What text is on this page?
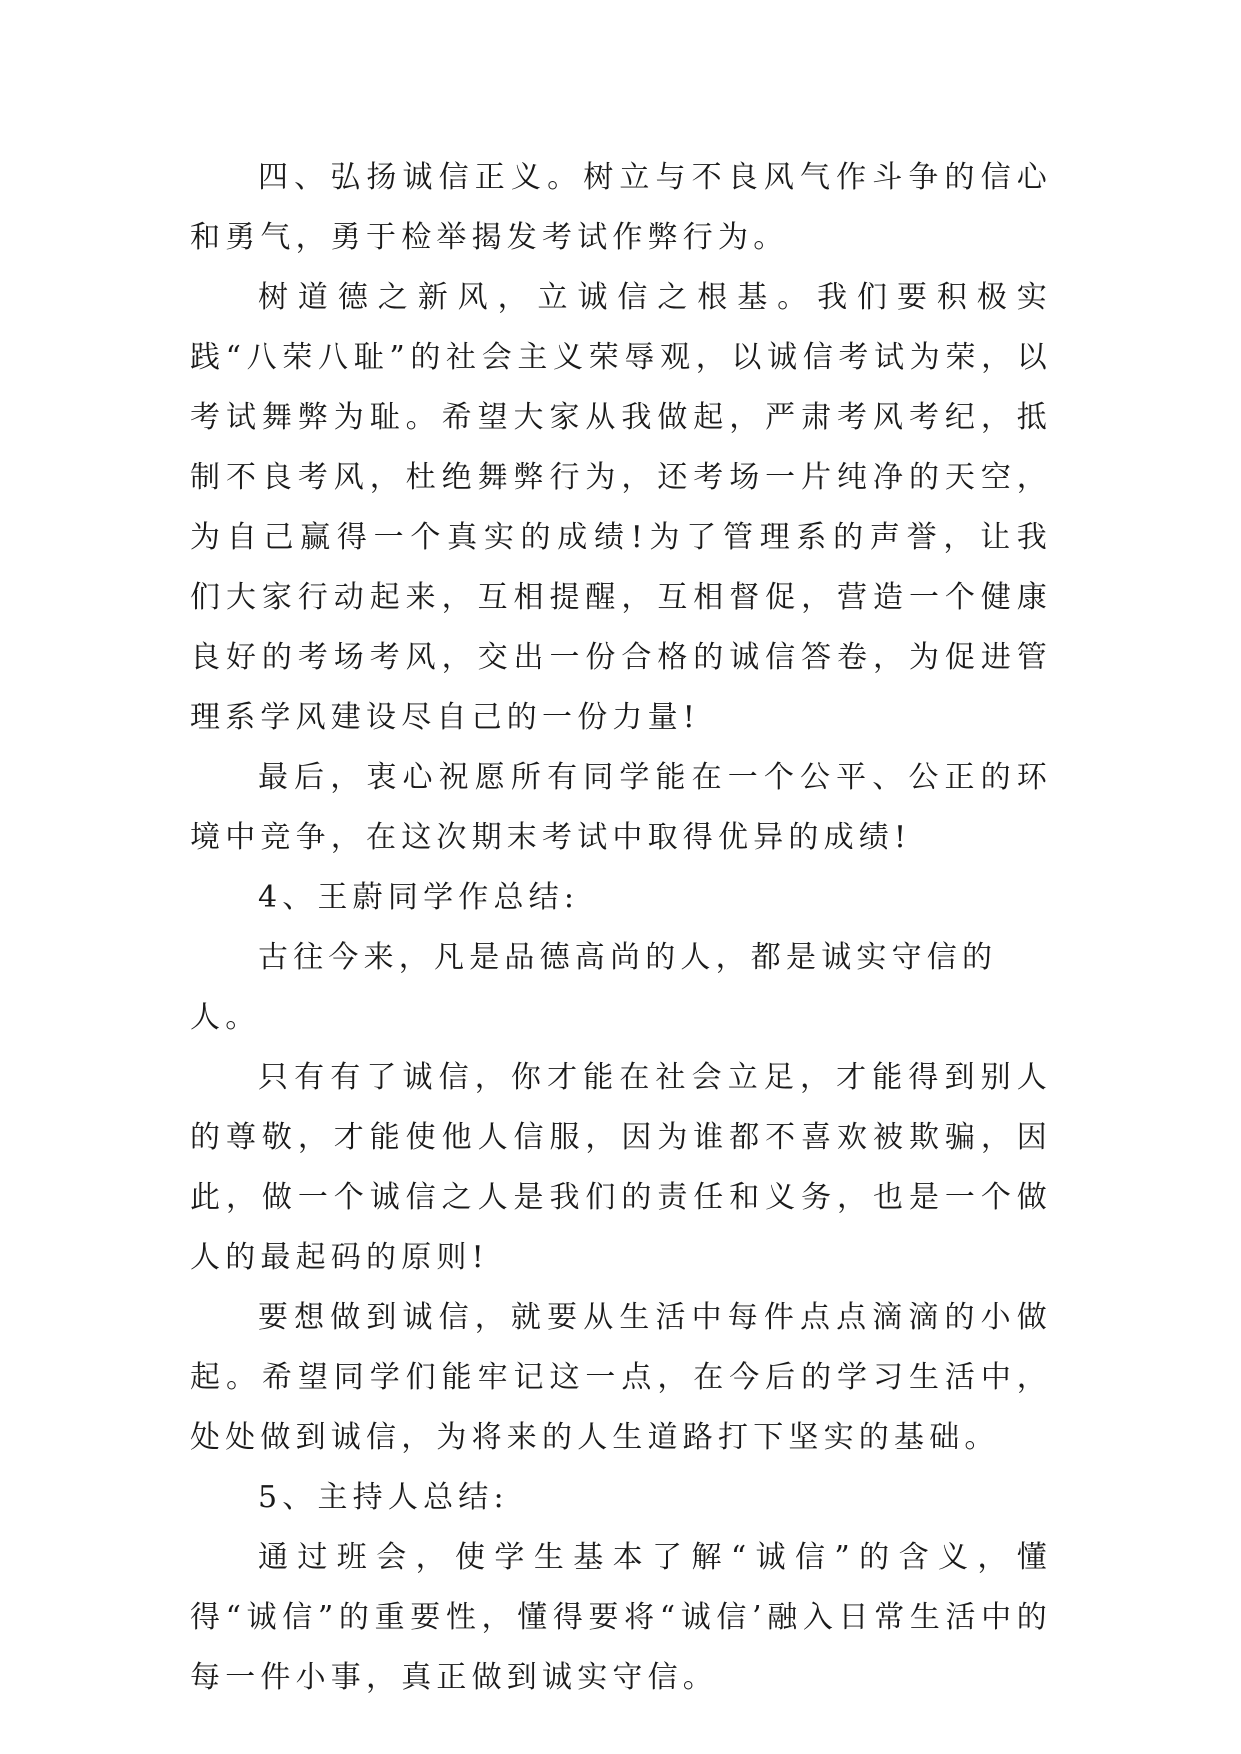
四、弘扬诚信正义。树立与不良风气作斗争的信心和勇气，勇于检举揭发考试作弊行为。

树道德之新风，立诚信之根基。我们要积极实践“八荣八耻”的社会主义荣辱观，以诚信考试为荣，以考试舞弊为耻。希望大家从我做起，严肃考风考纪，抵制不良考风，杜绝舞弊行为，还考场一片纯净的天空，为自己赢得一个真实的成绩!为了管理系的声誉，让我们大家行动起来，互相提醒，互相督促，营造一个健康良好的考场考风，交出一份合格的诚信答卷，为促进管理系学风建设尽自己的一份力量!

最后，衷心祝愿所有同学能在一个公平、公正的环境中竞争，在这次期末考试中取得优异的成绩!

4、王蔚同学作总结:

古往今来，凡是品德高尚的人，都是诚实守信的人。

只有有了诚信，你才能在社会立足，才能得到别人的尊敬，才能使他人信服，因为谁都不喜欢被欺骗，因此，做一个诚信之人是我们的责任和义务，也是一个做人的最起码的原则!

要想做到诚信，就要从生活中每件点点滴滴的小做起。希望同学们能牢记这一点，在今后的学习生活中，处处做到诚信，为将来的人生道路打下坚实的基础。

5、主持人总结:

通过班会，使学生基本了解“诚信”的含义，懂得“诚信”的重要性，懂得要将“诚信’融入日常生活中的每一件小事，真正做到诚实守信。
